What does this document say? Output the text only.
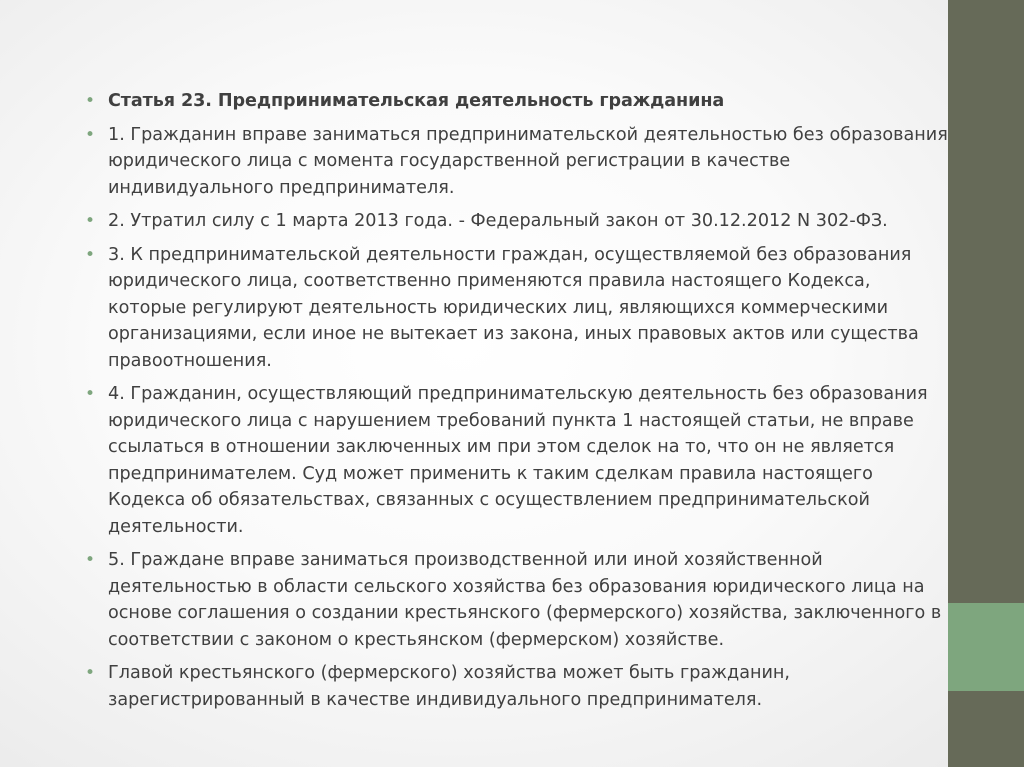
• Статья 23. Предпринимательская деятельность гражданина
• 1. Гражданин вправе заниматься предпринимательской деятельностью без образования юридического лица с момента государственной регистрации в качестве индивидуального предпринимателя.
• 2. Утратил силу с 1 марта 2013 года. - Федеральный закон от 30.12.2012 N 302-ФЗ.
• 3. К предпринимательской деятельности граждан, осуществляемой без образования юридического лица, соответственно применяются правила настоящего Кодекса, которые регулируют деятельность юридических лиц, являющихся коммерческими организациями, если иное не вытекает из закона, иных правовых актов или существа правоотношения.
• 4. Гражданин, осуществляющий предпринимательскую деятельность без образования юридического лица с нарушением требований пункта 1 настоящей статьи, не вправе ссылаться в отношении заключенных им при этом сделок на то, что он не является предпринимателем. Суд может применить к таким сделкам правила настоящего Кодекса об обязательствах, связанных с осуществлением предпринимательской деятельности.
• 5. Граждане вправе заниматься производственной или иной хозяйственной деятельностью в области сельского хозяйства без образования юридического лица на основе соглашения о создании крестьянского (фермерского) хозяйства, заключенного в соответствии с законом о крестьянском (фермерском) хозяйстве.
• Главой крестьянского (фермерского) хозяйства может быть гражданин, зарегистрированный в качестве индивидуального предпринимателя.
